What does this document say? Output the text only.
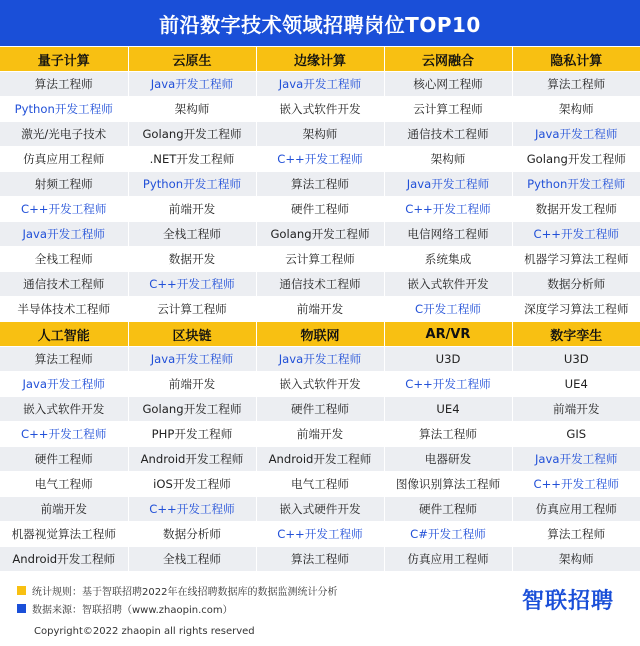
前沿数字技术领域招聘岗位TOP10
量子计算	云原生	边缘计算	云网融合	隐私计算
算法工程师	Java开发工程师	Java开发工程师	核心网工程师	算法工程师
Python开发工程师	架构师	嵌入式软件开发	云计算工程师	架构师
激光/光电子技术	Golang开发工程师	架构师	通信技术工程师	Java开发工程师
仿真应用工程师	.NET开发工程师	C++开发工程师	架构师	Golang开发工程师
射频工程师	Python开发工程师	算法工程师	Java开发工程师	Python开发工程师
C++开发工程师	前端开发	硬件工程师	C++开发工程师	数据开发工程师
Java开发工程师	全栈工程师	Golang开发工程师	电信网络工程师	C++开发工程师
全栈工程师	数据开发	云计算工程师	系统集成	机器学习算法工程师
通信技术工程师	C++开发工程师	通信技术工程师	嵌入式软件开发	数据分析师
半导体技术工程师	云计算工程师	前端开发	C开发工程师	深度学习算法工程师
人工智能	区块链	物联网	AR/VR	数字孪生
算法工程师	Java开发工程师	Java开发工程师	U3D	U3D
Java开发工程师	前端开发	嵌入式软件开发	C++开发工程师	UE4
嵌入式软件开发	Golang开发工程师	硬件工程师	UE4	前端开发
C++开发工程师	PHP开发工程师	前端开发	算法工程师	GIS
硬件工程师	Android开发工程师	Android开发工程师	电器研发	Java开发工程师
电气工程师	iOS开发工程师	电气工程师	图像识别算法工程师	C++开发工程师
前端开发	C++开发工程师	嵌入式硬件开发	硬件工程师	仿真应用工程师
机器视觉算法工程师	数据分析师	C++开发工程师	C#开发工程师	算法工程师
Android开发工程师	全栈工程师	算法工程师	仿真应用工程师	架构师

统计规则：基于智联招聘2022年在线招聘数据库的数据监测统计分析
数据来源：智联招聘（www.zhaopin.com）	智联招聘
Copyright©2022 zhaopin all rights reserved
